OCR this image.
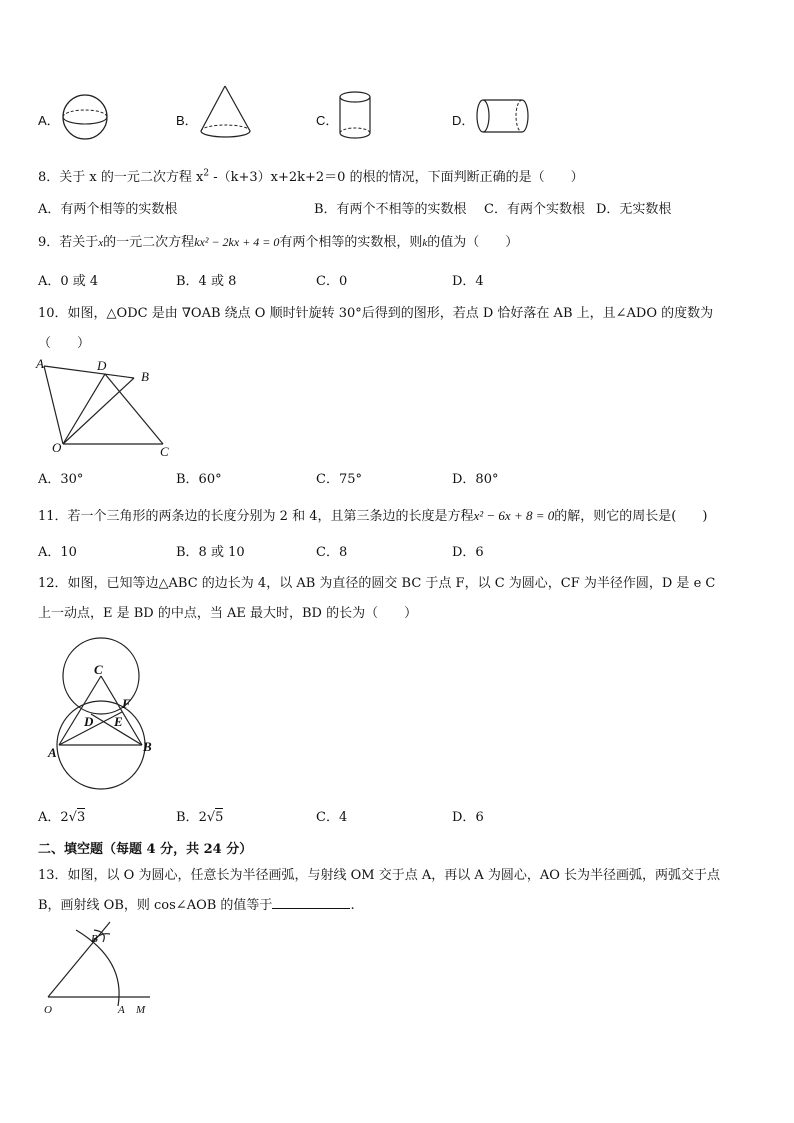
A．	B．	C．	D．
8．关于 x 的一元二次方程 $x^2$ -（k+3）x+2k+2＝0 的根的情况，下面判断正确的是（　　）
A．有两个相等的实数根	B．有两个不相等的实数根 C．有两个实数根 D．无实数根
9．若关于x的一元二次方程kx² − 2kx + 4 = 0有两个相等的实数根，则k的值为（　　）
A．0 或 4	B．4 或 8	C．0	D．4
10．如图，△ODC 是由 ∇OAB 绕点 O 顺时针旋转 30°后得到的图形，若点 D 恰好落在 AB 上，且∠ADO 的度数为
（　　）
A	D
B
O	C
A．30°	B．60°	C．75°	D．80°
11．若一个三角形的两条边的长度分别为 2 和 4，且第三条边的长度是方程x² − 6x + 8 = 0的解，则它的周长是(　　)
A．10	B．8 或 10	C．8	D．6
12．如图，已知等边△ABC 的边长为 4，以 AB 为直径的圆交 BC 于点 F，以 C 为圆心，CF 为半径作圆，D 是 e C
上一动点，E 是 BD 的中点，当 AE 最大时，BD 的长为（　　）
C
F
D E
A	B
A．2√3	B．2√5	C．4	D．6
二、填空题（每题 4 分，共 24 分）
13．如图，以 O 为圆心，任意长为半径画弧，与射线 OM 交于点 A，再以 A 为圆心，AO 长为半径画弧，两弧交于点
B，画射线 OB，则 cos∠AOB 的值等于	.
B
O	A M
